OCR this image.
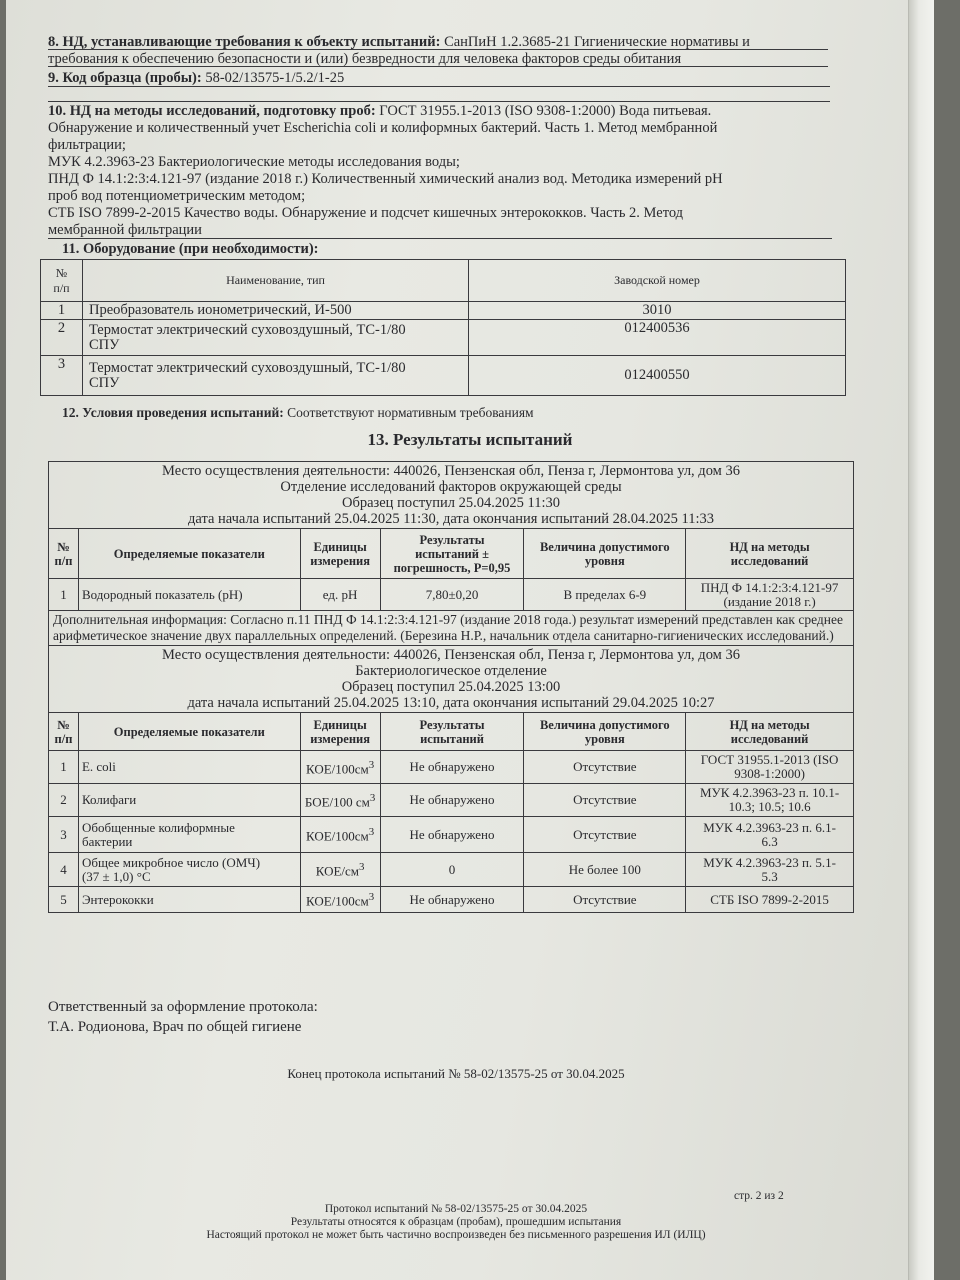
8. НД, устанавливающие требования к объекту испытаний: СанПиН 1.2.3685-21 Гигиенические нормативы и
требования к обеспечению безопасности и (или) безвредности для человека факторов среды обитания
9. Код образца (пробы): 58-02/13575-1/5.2/1-25
10. НД на методы исследований, подготовку проб: ГОСТ 31955.1-2013 (ISO 9308-1:2000) Вода питьевая.
Обнаружение и количественный учет Escherichia coli и колиформных бактерий. Часть 1. Метод мембранной
фильтрации;
МУК 4.2.3963-23 Бактериологические методы исследования воды;
ПНД Ф 14.1:2:3:4.121-97 (издание 2018 г.) Количественный химический анализ вод. Методика измерений pH
проб вод потенциометрическим методом;
СТБ ISO 7899-2-2015 Качество воды. Обнаружение и подсчет кишечных энтерококков. Часть 2. Метод
мембранной фильтрации
11. Оборудование (при необходимости):
№
п/п	Наименование, тип	Заводской номер
1	Преобразователь ионометрический, И-500	3010
2	Термостат электрический суховоздушный, ТС-1/80
СПУ	012400536
3	Термостат электрический суховоздушный, ТС-1/80
СПУ	012400550
12. Условия проведения испытаний: Соответствуют нормативным требованиям
13. Результаты испытаний
Место осуществления деятельности: 440026, Пензенская обл, Пенза г, Лермонтова ул, дом 36
Отделение исследований факторов окружающей среды
Образец поступил 25.04.2025 11:30
дата начала испытаний 25.04.2025 11:30, дата окончания испытаний 28.04.2025 11:33					

№
п/п	Определяемые показатели	Единицы
измерения	Результаты
испытаний ±
погрешность, Р=0,95	Величина допустимого
уровня	НД на методы
исследований
1	Водородный показатель (pH)	ед. pH	7,80±0,20	В пределах 6-9	ПНД Ф 14.1:2:3:4.121-97
(издание 2018 г.)
Дополнительная информация: Согласно п.11 ПНД Ф 14.1:2:3:4.121-97 (издание 2018 года.) результат измерений представлен как среднее арифметическое значение двух параллельных определений. (Березина Н.Р., начальник отдела санитарно-гигиенических исследований.)					

Место осуществления деятельности: 440026, Пензенская обл, Пенза г, Лермонтова ул, дом 36
Бактериологическое отделение
Образец поступил 25.04.2025 13:00
дата начала испытаний 25.04.2025 13:10, дата окончания испытаний 29.04.2025 10:27					

№
п/п	Определяемые показатели	Единицы
измерения	Результаты
испытаний	Величина допустимого
уровня	НД на методы
исследований
1	E. coli	КОЕ/$100см^3$	Не обнаружено	Отсутствие	ГОСТ 31955.1-2013 (ISO
9308-1:2000)
2	Колифаги	БОЕ/100 $см^3$	Не обнаружено	Отсутствие	МУК 4.2.3963-23 п. 10.1-
10.3; 10.5; 10.6
3	Обобщенные колиформные
бактерии	КОЕ/$100см^3$	Не обнаружено	Отсутствие	МУК 4.2.3963-23 п. 6.1-
6.3
4	Общее микробное число (ОМЧ)
(37 ± 1,0) °С	КОЕ/$см^3$	0	Не более 100	МУК 4.2.3963-23 п. 5.1-
5.3
5	Энтерококки	КОЕ/$100см^3$	Не обнаружено	Отсутствие	СТБ ISO 7899-2-2015
Ответственный за оформление протокола:
Т.А. Родионова, Врач по общей гигиене
Конец протокола испытаний № 58-02/13575-25 от 30.04.2025
стр. 2 из 2
Протокол испытаний № 58-02/13575-25 от 30.04.2025
Результаты относятся к образцам (пробам), прошедшим испытания
Настоящий протокол не может быть частично воспроизведен без письменного разрешения ИЛ (ИЛЦ)
